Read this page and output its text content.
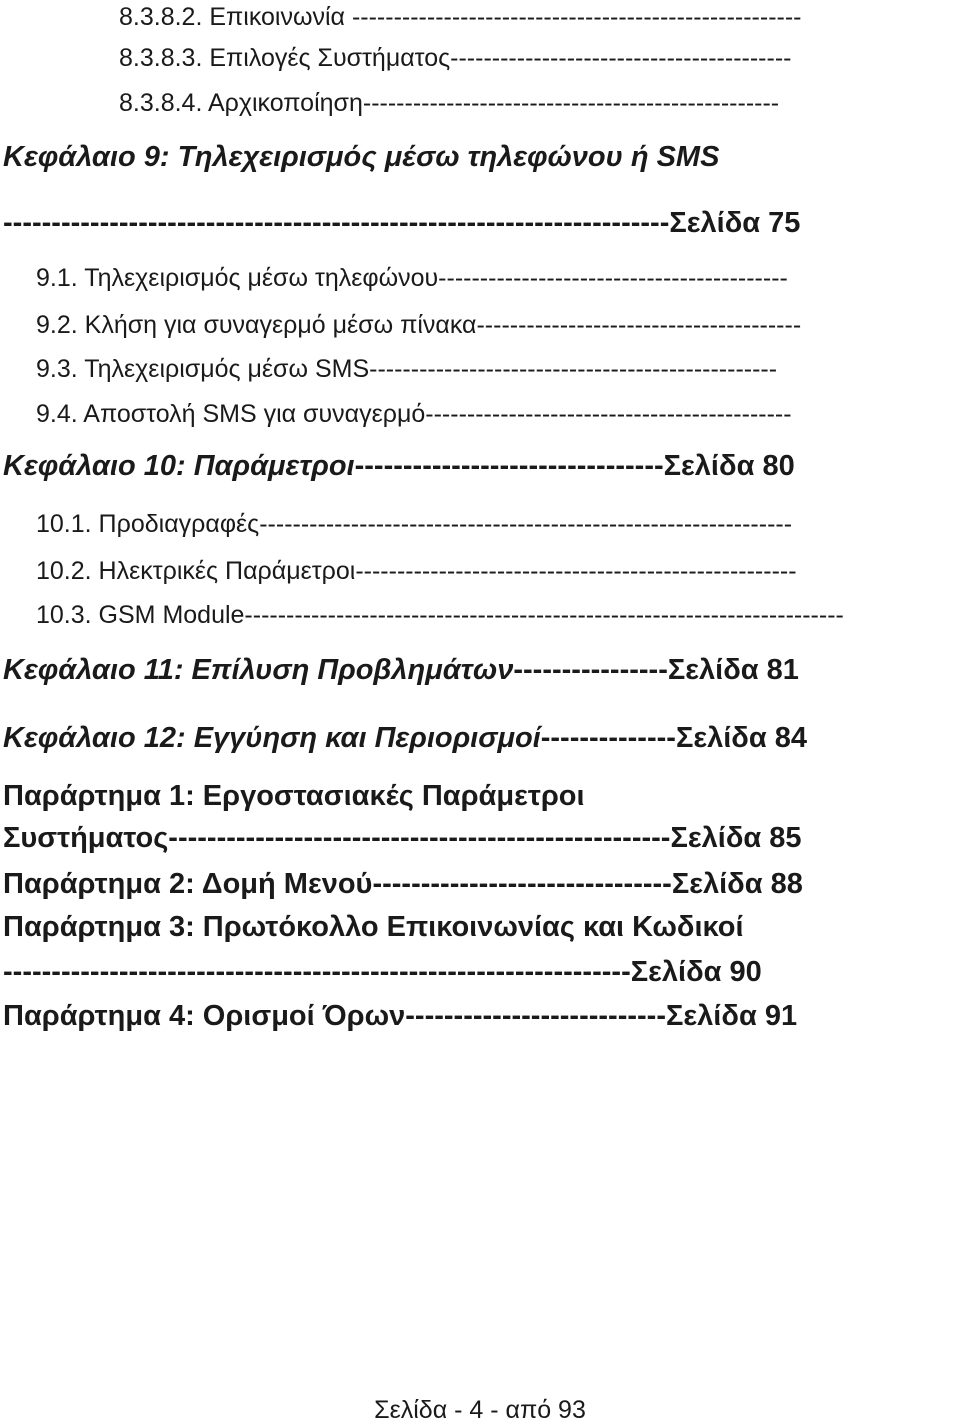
8.3.8.2. Επικοινωνία ------------------------------------------------------
8.3.8.3. Επιλογές Συστήματος-----------------------------------------
8.3.8.4. Αρχικοποίηση--------------------------------------------------
Κεφάλαιο 9: Τηλεχειρισμός μέσω τηλεφώνου ή SMS
---------------------------------------------------------------------Σελίδα 75
9.1. Τηλεχειρισμός μέσω τηλεφώνου------------------------------------------
9.2. Κλήση για συναγερμό μέσω πίνακα---------------------------------------
9.3. Τηλεχειρισμός μέσω SMS-------------------------------------------------
9.4. Αποστολή SMS για συναγερμό--------------------------------------------
Κεφάλαιο 10: Παράμετροι--------------------------------Σελίδα 80
10.1. Προδιαγραφές----------------------------------------------------------------
10.2. Ηλεκτρικές Παράμετροι-----------------------------------------------------
10.3. GSM Module------------------------------------------------------------------------
Κεφάλαιο 11: Επίλυση Προβλημάτων----------------Σελίδα 81
Κεφάλαιο 12: Εγγύηση και Περιορισμοί--------------Σελίδα 84
Παράρτημα 1: Εργοστασιακές Παράμετροι
Συστήματος----------------------------------------------------Σελίδα 85
Παράρτημα 2: Δομή Μενού-------------------------------Σελίδα 88
Παράρτημα 3: Πρωτόκολλο Επικοινωνίας και Κωδικοί
-----------------------------------------------------------------Σελίδα 90
Παράρτημα 4: Ορισμοί Όρων---------------------------Σελίδα 91
Σελίδα - 4 - από 93
